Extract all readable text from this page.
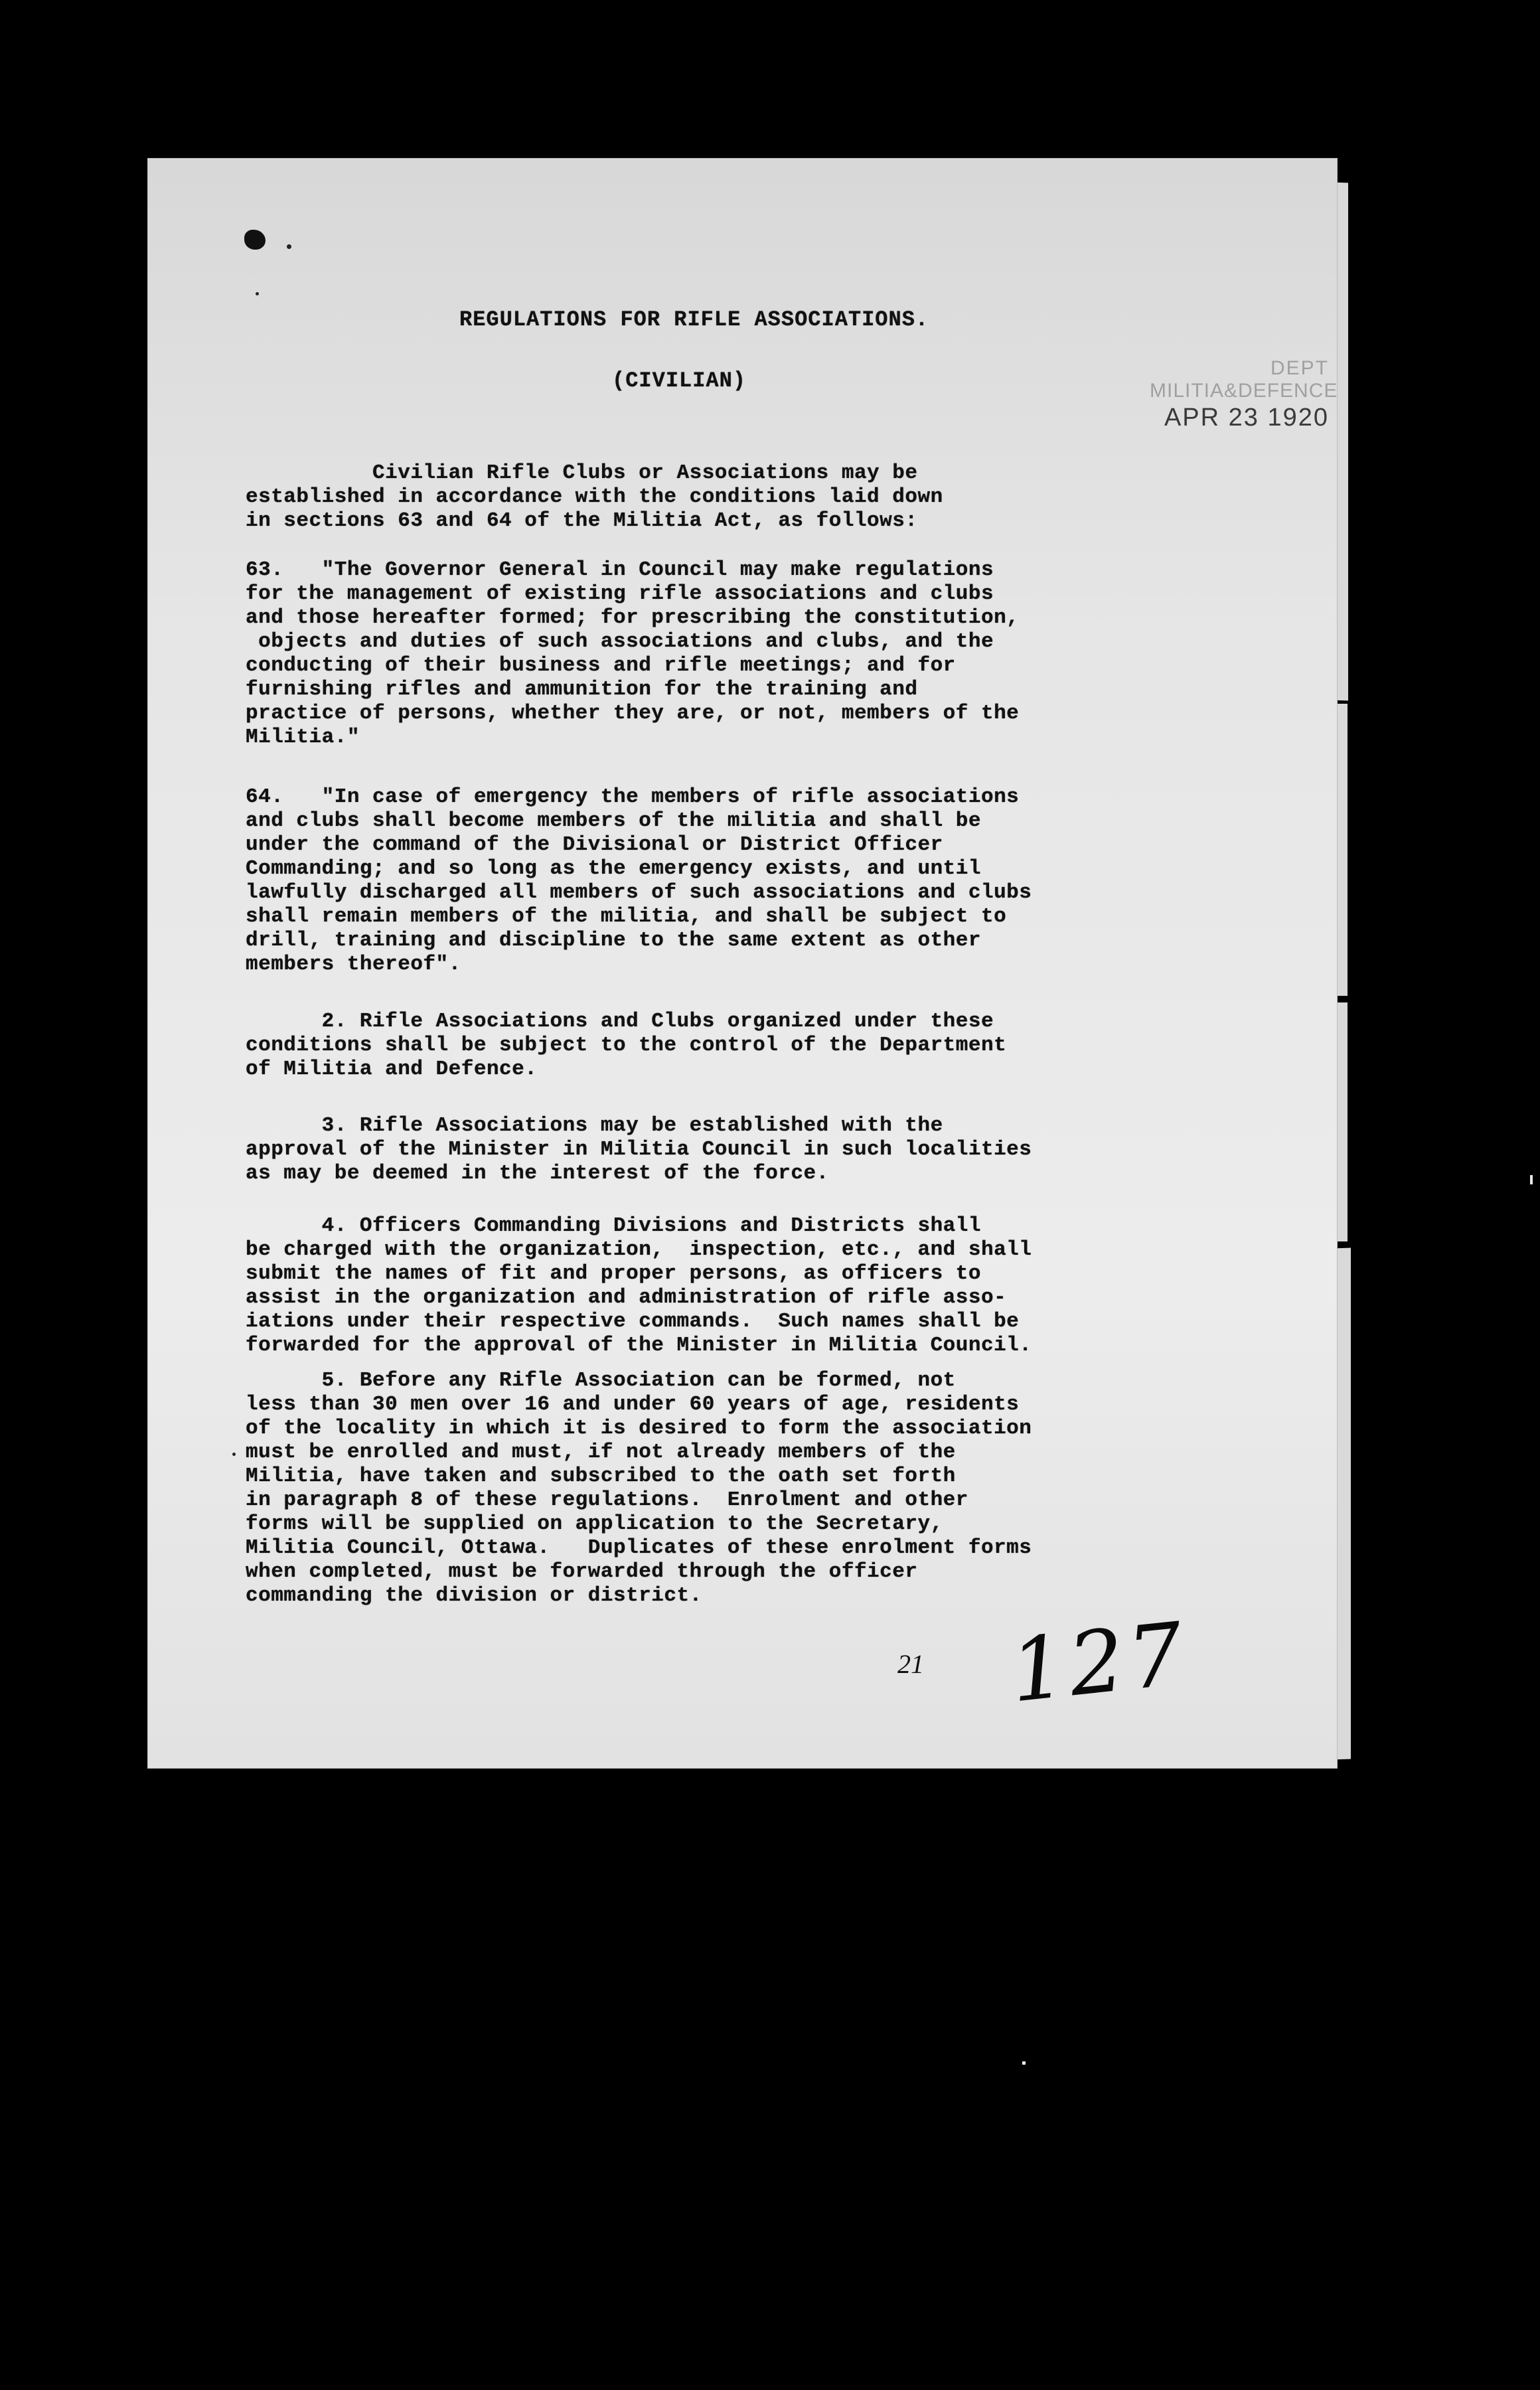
REGULATIONS FOR RIFLE ASSOCIATIONS.
(CIVILIAN)
DEPT
MILITIA&DEFENCE
APR 23 1920
Civilian Rifle Clubs or Associations may be
established in accordance with the conditions laid down
in sections 63 and 64 of the Militia Act, as follows:
63.   "The Governor General in Council may make regulations
for the management of existing rifle associations and clubs
and those hereafter formed; for prescribing the constitution,
objects and duties of such associations and clubs, and the
conducting of their business and rifle meetings; and for
furnishing rifles and ammunition for the training and
practice of persons, whether they are, or not, members of the
Militia."
64.   "In case of emergency the members of rifle associations
and clubs shall become members of the militia and shall be
under the command of the Divisional or District Officer
Commanding; and so long as the emergency exists, and until
lawfully discharged all members of such associations and clubs
shall remain members of the militia, and shall be subject to
drill, training and discipline to the same extent as other
members thereof".
2. Rifle Associations and Clubs organized under these
conditions shall be subject to the control of the Department
of Militia and Defence.
3. Rifle Associations may be established with the
approval of the Minister in Militia Council in such localities
as may be deemed in the interest of the force.
4. Officers Commanding Divisions and Districts shall
be charged with the organization,  inspection, etc., and shall
submit the names of fit and proper persons, as officers to
assist in the organization and administration of rifle asso-
iations under their respective commands.  Such names shall be
forwarded for the approval of the Minister in Militia Council.
5. Before any Rifle Association can be formed, not
less than 30 men over 16 and under 60 years of age, residents
of the locality in which it is desired to form the association
must be enrolled and must, if not already members of the
Militia, have taken and subscribed to the oath set forth
in paragraph 8 of these regulations.  Enrolment and other
forms will be supplied on application to the Secretary,
Militia Council, Ottawa.   Duplicates of these enrolment forms
when completed, must be forwarded through the officer
commanding the division or district.
21 127
